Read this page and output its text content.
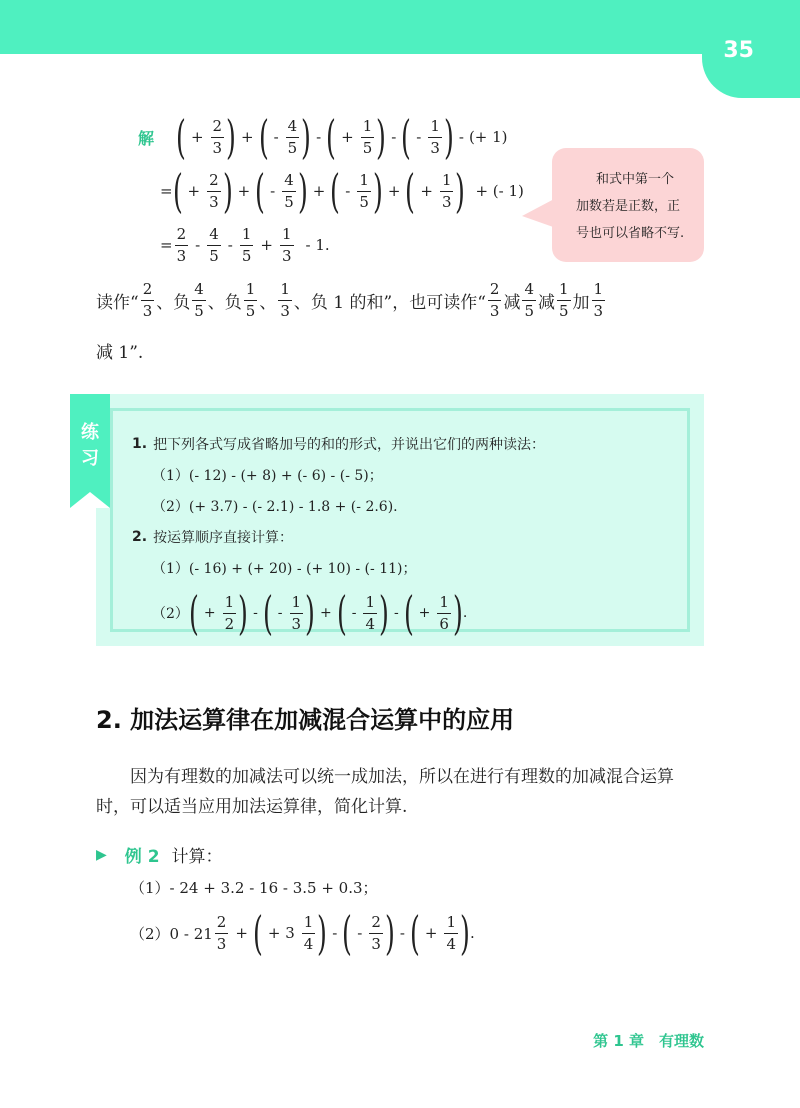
35
解 ( + $\frac{2}{3}$ ) + ( - $\frac{4}{5}$ ) - ( + $\frac{1}{5}$ ) - ( - $\frac{1}{3}$ ) - (+ 1)
= ( + $\frac{2}{3}$ ) + ( - $\frac{4}{5}$ ) + ( - $\frac{1}{5}$ ) + ( + $\frac{1}{3}$ ) + (- 1)
= $\frac{2}{3} - \frac{4}{5} - \frac{1}{5} + \frac{1}{3} - 1$.
和式中第一个
加数若是正数，正
号也可以省略不写.
读作“ $\frac{2}{3}$ 、负 $\frac{4}{5}$ 、负 $\frac{1}{5}$ 、 $\frac{1}{3}$ 、负 1 的和”，也可读作“ $\frac{2}{3}$ 减 $\frac{4}{5}$ 减 $\frac{1}{5}$ 加 $\frac{1}{3}$
减 1”.
练
习
1. 把下列各式写成省略加号的和的形式，并说出它们的两种读法：
（1）(- 12) - (+ 8) + (- 6) - (- 5)；
（2）(+ 3.7) - (- 2.1) - 1.8 + (- 2.6).
2. 按运算顺序直接计算：
（1）(- 16) + (+ 20) - (+ 10) - (- 11)；
（2） ( + $\frac{1}{2}$ ) - ( - $\frac{1}{3}$ ) + ( - $\frac{1}{4}$ ) - ( + $\frac{1}{6}$ ) .
2. 加法运算律在加减混合运算中的应用
因为有理数的加减法可以统一成加法，所以在进行有理数的加减混合运算时，可以适当应用加法运算律，简化计算.
▶ 例 2 计算：
（1）- 24 + 3.2 - 16 - 3.5 + 0.3；
$(2)0 - 21 \frac{2}{3}$ + ( + $3 \frac{1}{4}$ ) - ( - $\frac{2}{3}$ ) - ( + $\frac{1}{4}$ ) .
第 1 章　有理数
